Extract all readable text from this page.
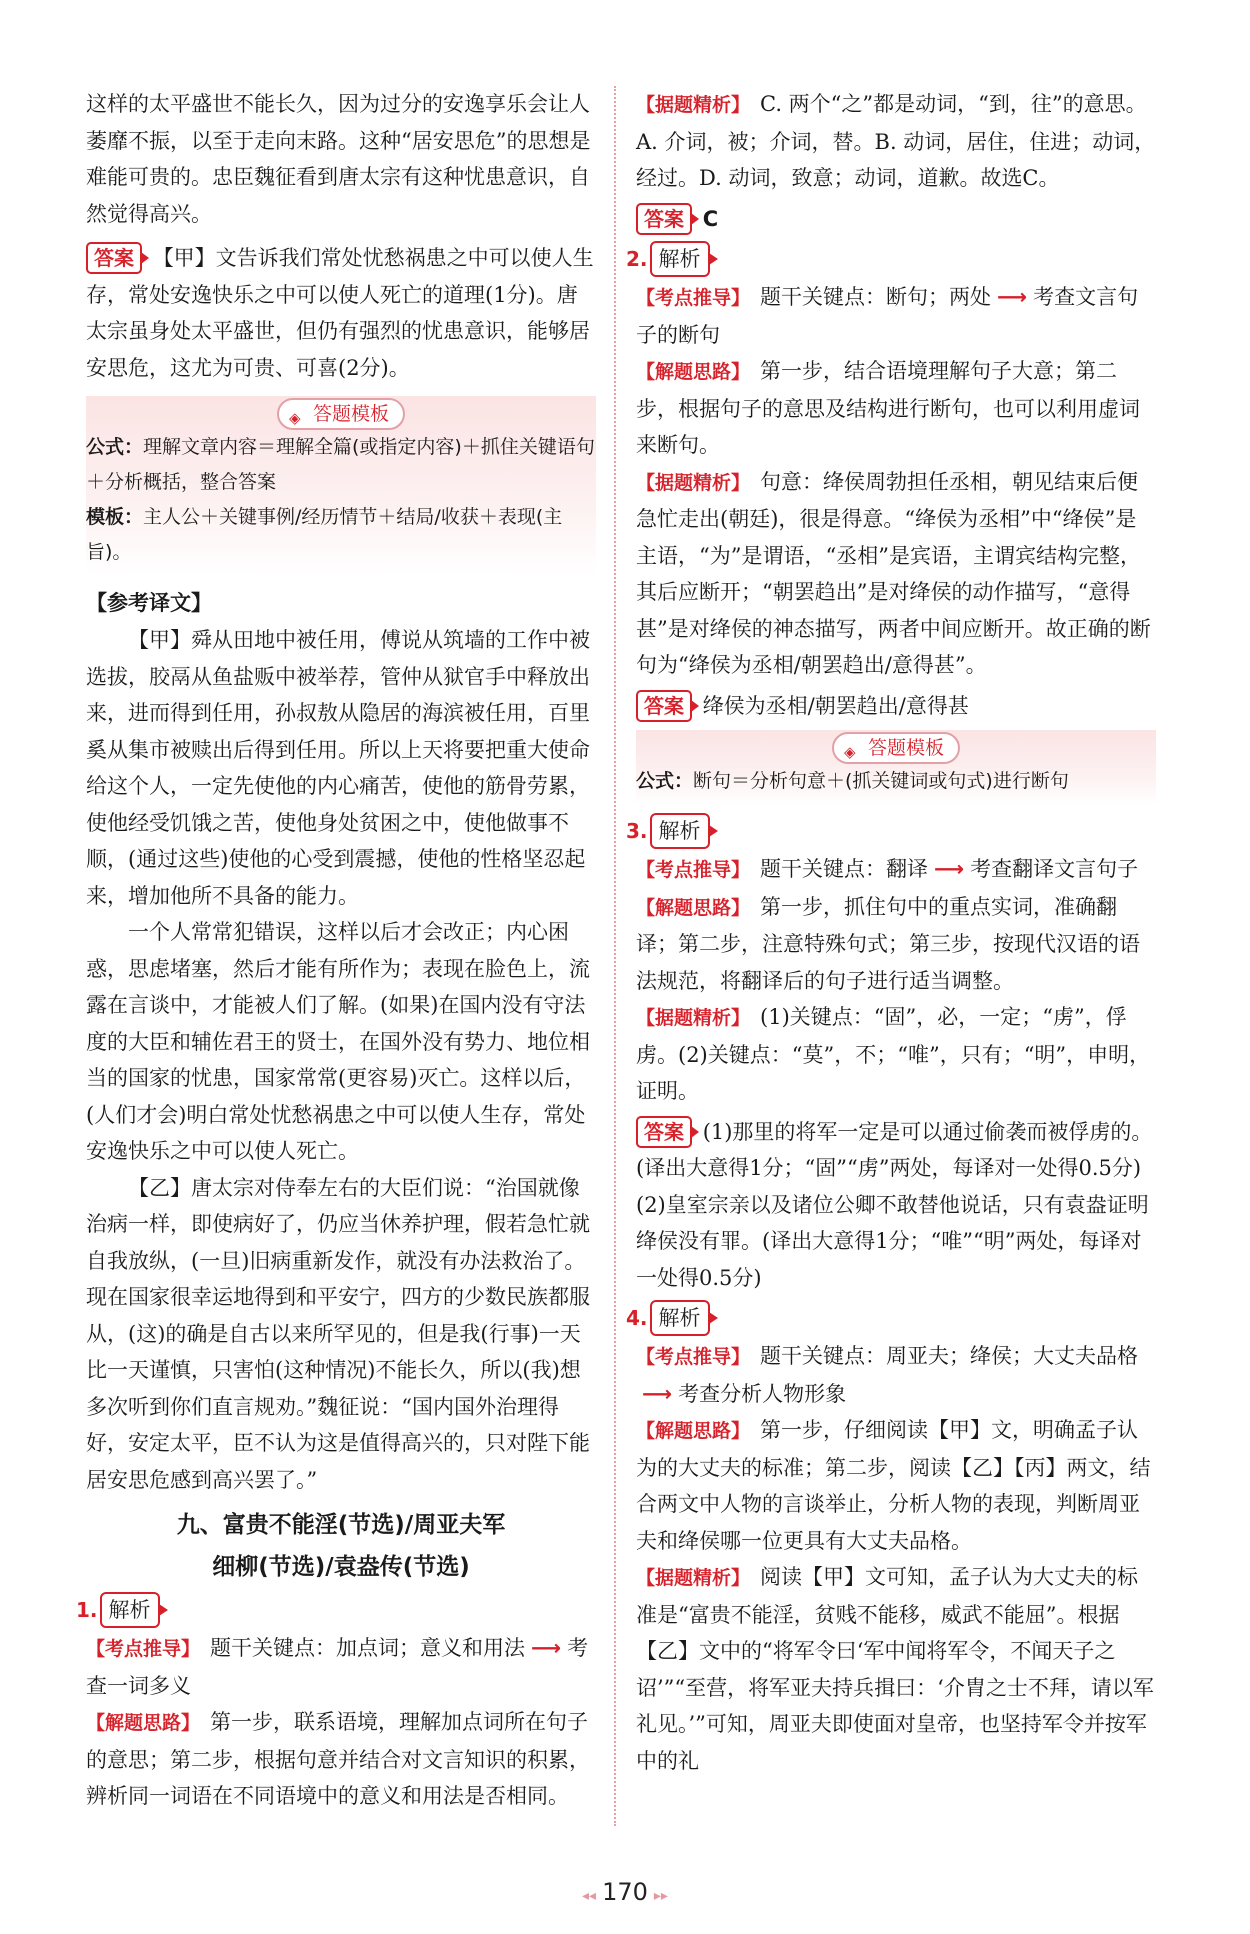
这样的太平盛世不能长久，因为过分的安逸享乐会让人萎靡不振，以至于走向末路。这种“居安思危”的思想是难能可贵的。忠臣魏征看到唐太宗有这种忧患意识，自然觉得高兴。

答案 【甲】文告诉我们常处忧愁祸患之中可以使人生存，常处安逸快乐之中可以使人死亡的道理(1分)。唐太宗虽身处太平盛世，但仍有强烈的忧患意识，能够居安思危，这尤为可贵、可喜(2分)。

◈ 答题模板

公式：理解文章内容＝理解全篇(或指定内容)＋抓住关键语句＋分析概括，整合答案

模板：主人公＋关键事例/经历情节＋结局/收获＋表现(主旨)。

【参考译文】

【甲】舜从田地中被任用，傅说从筑墙的工作中被选拔，胶鬲从鱼盐贩中被举荐，管仲从狱官手中释放出来，进而得到任用，孙叔敖从隐居的海滨被任用，百里奚从集市被赎出后得到任用。所以上天将要把重大使命给这个人，一定先使他的内心痛苦，使他的筋骨劳累，使他经受饥饿之苦，使他身处贫困之中，使他做事不顺，(通过这些)使他的心受到震撼，使他的性格坚忍起来，增加他所不具备的能力。

一个人常常犯错误，这样以后才会改正；内心困惑，思虑堵塞，然后才能有所作为；表现在脸色上，流露在言谈中，才能被人们了解。(如果)在国内没有守法度的大臣和辅佐君王的贤士，在国外没有势力、地位相当的国家的忧患，国家常常(更容易)灭亡。这样以后，(人们才会)明白常处忧愁祸患之中可以使人生存，常处安逸快乐之中可以使人死亡。

【乙】唐太宗对侍奉左右的大臣们说：“治国就像治病一样，即使病好了，仍应当休养护理，假若急忙就自我放纵，(一旦)旧病重新发作，就没有办法救治了。现在国家很幸运地得到和平安宁，四方的少数民族都服从，(这)的确是自古以来所罕见的，但是我(行事)一天比一天谨慎，只害怕(这种情况)不能长久，所以(我)想多次听到你们直言规劝。”魏征说：“国内国外治理得好，安定太平，臣不认为这是值得高兴的，只对陛下能居安思危感到高兴罢了。”

九、富贵不能淫(节选)/周亚夫军
细柳(节选)/袁盎传(节选)
1. 解析

【考点推导】 题干关键点：加点词；意义和用法 ⟶ 考查一词多义

【解题思路】 第一步，联系语境，理解加点词所在句子的意思；第二步，根据句意并结合对文言知识的积累，辨析同一词语在不同语境中的意义和用法是否相同。

【据题精析】 C. 两个“之”都是动词，“到，往”的意思。A. 介词，被；介词，替。B. 动词，居住，住进；动词，经过。D. 动词，致意；动词，道歉。故选C。

答案 C

2. 解析

【考点推导】 题干关键点：断句；两处 ⟶ 考查文言句子的断句

【解题思路】 第一步，结合语境理解句子大意；第二步，根据句子的意思及结构进行断句，也可以利用虚词来断句。

【据题精析】 句意：绛侯周勃担任丞相，朝见结束后便急忙走出(朝廷)，很是得意。“绛侯为丞相”中“绛侯”是主语，“为”是谓语，“丞相”是宾语，主谓宾结构完整，其后应断开；“朝罢趋出”是对绛侯的动作描写，“意得甚”是对绛侯的神态描写，两者中间应断开。故正确的断句为“绛侯为丞相/朝罢趋出/意得甚”。

答案 绛侯为丞相/朝罢趋出/意得甚

◈ 答题模板

公式：断句＝分析句意＋(抓关键词或句式)进行断句

3. 解析

【考点推导】 题干关键点：翻译 ⟶ 考查翻译文言句子

【解题思路】 第一步，抓住句中的重点实词，准确翻译；第二步，注意特殊句式；第三步，按现代汉语的语法规范，将翻译后的句子进行适当调整。

【据题精析】 (1)关键点：“固”，必，一定；“虏”，俘虏。(2)关键点：“莫”，不；“唯”，只有；“明”，申明，证明。

答案 (1)那里的将军一定是可以通过偷袭而被俘虏的。(译出大意得1分；“固”“虏”两处，每译对一处得0.5分)

(2)皇室宗亲以及诸位公卿不敢替他说话，只有袁盎证明绛侯没有罪。(译出大意得1分；“唯”“明”两处，每译对一处得0.5分)

4. 解析

【考点推导】 题干关键点：周亚夫；绛侯；大丈夫品格⟶ 考查分析人物形象

【解题思路】 第一步，仔细阅读【甲】文，明确孟子认为的大丈夫的标准；第二步，阅读【乙】【丙】两文，结合两文中人物的言谈举止，分析人物的表现，判断周亚夫和绛侯哪一位更具有大丈夫品格。

【据题精析】 阅读【甲】文可知，孟子认为大丈夫的标准是“富贵不能淫，贫贱不能移，威武不能屈”。根据【乙】文中的“将军令曰‘军中闻将军令，不闻天子之诏’”“至营，将军亚夫持兵揖曰：‘介胄之士不拜，请以军礼见。’”可知，周亚夫即使面对皇帝，也坚持军令并按军中的礼

◂◂ 170 ▸▸
